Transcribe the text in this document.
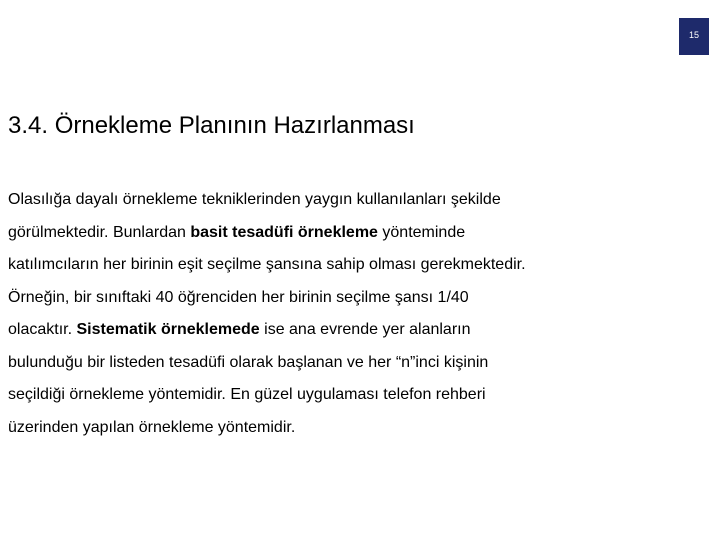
15
3.4. Örnekleme Planının Hazırlanması
Olasılığa dayalı örnekleme tekniklerinden yaygın kullanılanları şekilde
görülmektedir. Bunlardan basit tesadüfi örnekleme yönteminde
katılımcıların her birinin eşit seçilme şansına sahip olması gerekmektedir.
Örneğin, bir sınıftaki 40 öğrenciden her birinin seçilme şansı 1/40
olacaktır. Sistematik örneklemede ise ana evrende yer alanların
bulunduğu bir listeden tesadüfi olarak başlanan ve her “n”inci kişinin
seçildiği örnekleme yöntemidir. En güzel uygulaması telefon rehberi
üzerinden yapılan örnekleme yöntemidir.
